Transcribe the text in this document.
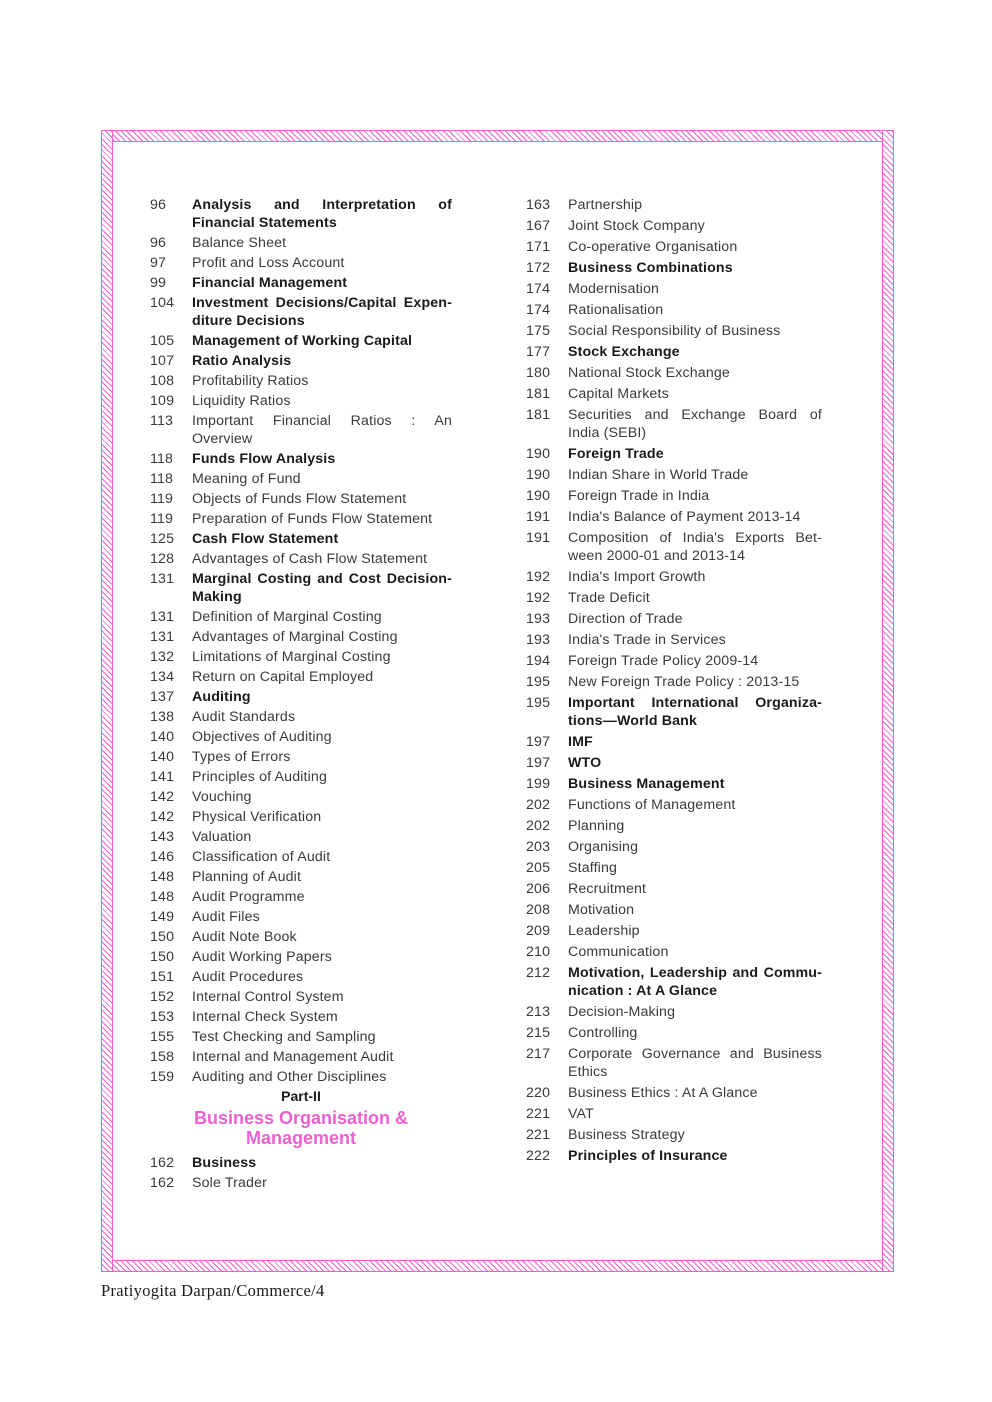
96	Analysis and Interpretation of Financial Statements
96	Balance Sheet
97	Profit and Loss Account
99	Financial Management
104	Investment Decisions/Capital Expen-diture Decisions
105	Management of Working Capital
107	Ratio Analysis
108	Profitability Ratios
109	Liquidity Ratios
113	Important Financial Ratios : An Overview
118	Funds Flow Analysis
118	Meaning of Fund
119	Objects of Funds Flow Statement
119	Preparation of Funds Flow Statement
125	Cash Flow Statement
128	Advantages of Cash Flow Statement
131	Marginal Costing and Cost Decision-Making
131	Definition of Marginal Costing
131	Advantages of Marginal Costing
132	Limitations of Marginal Costing
134	Return on Capital Employed
137	Auditing
138	Audit Standards
140	Objectives of Auditing
140	Types of Errors
141	Principles of Auditing
142	Vouching
142	Physical Verification
143	Valuation
146	Classification of Audit
148	Planning of Audit
148	Audit Programme
149	Audit Files
150	Audit Note Book
150	Audit Working Papers
151	Audit Procedures
152	Internal Control System
153	Internal Check System
155	Test Checking and Sampling
158	Internal and Management Audit
159	Auditing and Other Disciplines
Part-II
Business Organisation & Management
162	Business
162	Sole Trader
163	Partnership
167	Joint Stock Company
171	Co-operative Organisation
172	Business Combinations
174	Modernisation
174	Rationalisation
175	Social Responsibility of Business
177	Stock Exchange
180	National Stock Exchange
181	Capital Markets
181	Securities and Exchange Board of India (SEBI)
190	Foreign Trade
190	Indian Share in World Trade
190	Foreign Trade in India
191	India's Balance of Payment 2013-14
191	Composition of India's Exports Bet-ween 2000-01 and 2013-14
192	India's Import Growth
192	Trade Deficit
193	Direction of Trade
193	India's Trade in Services
194	Foreign Trade Policy 2009-14
195	New Foreign Trade Policy : 2013-15
195	Important International Organiza-tions—World Bank
197	IMF
197	WTO
199	Business Management
202	Functions of Management
202	Planning
203	Organising
205	Staffing
206	Recruitment
208	Motivation
209	Leadership
210	Communication
212	Motivation, Leadership and Commu-nication : At A Glance
213	Decision-Making
215	Controlling
217	Corporate Governance and Business Ethics
220	Business Ethics : At A Glance
221	VAT
221	Business Strategy
222	Principles of Insurance
Pratiyogita Darpan/Commerce/4
